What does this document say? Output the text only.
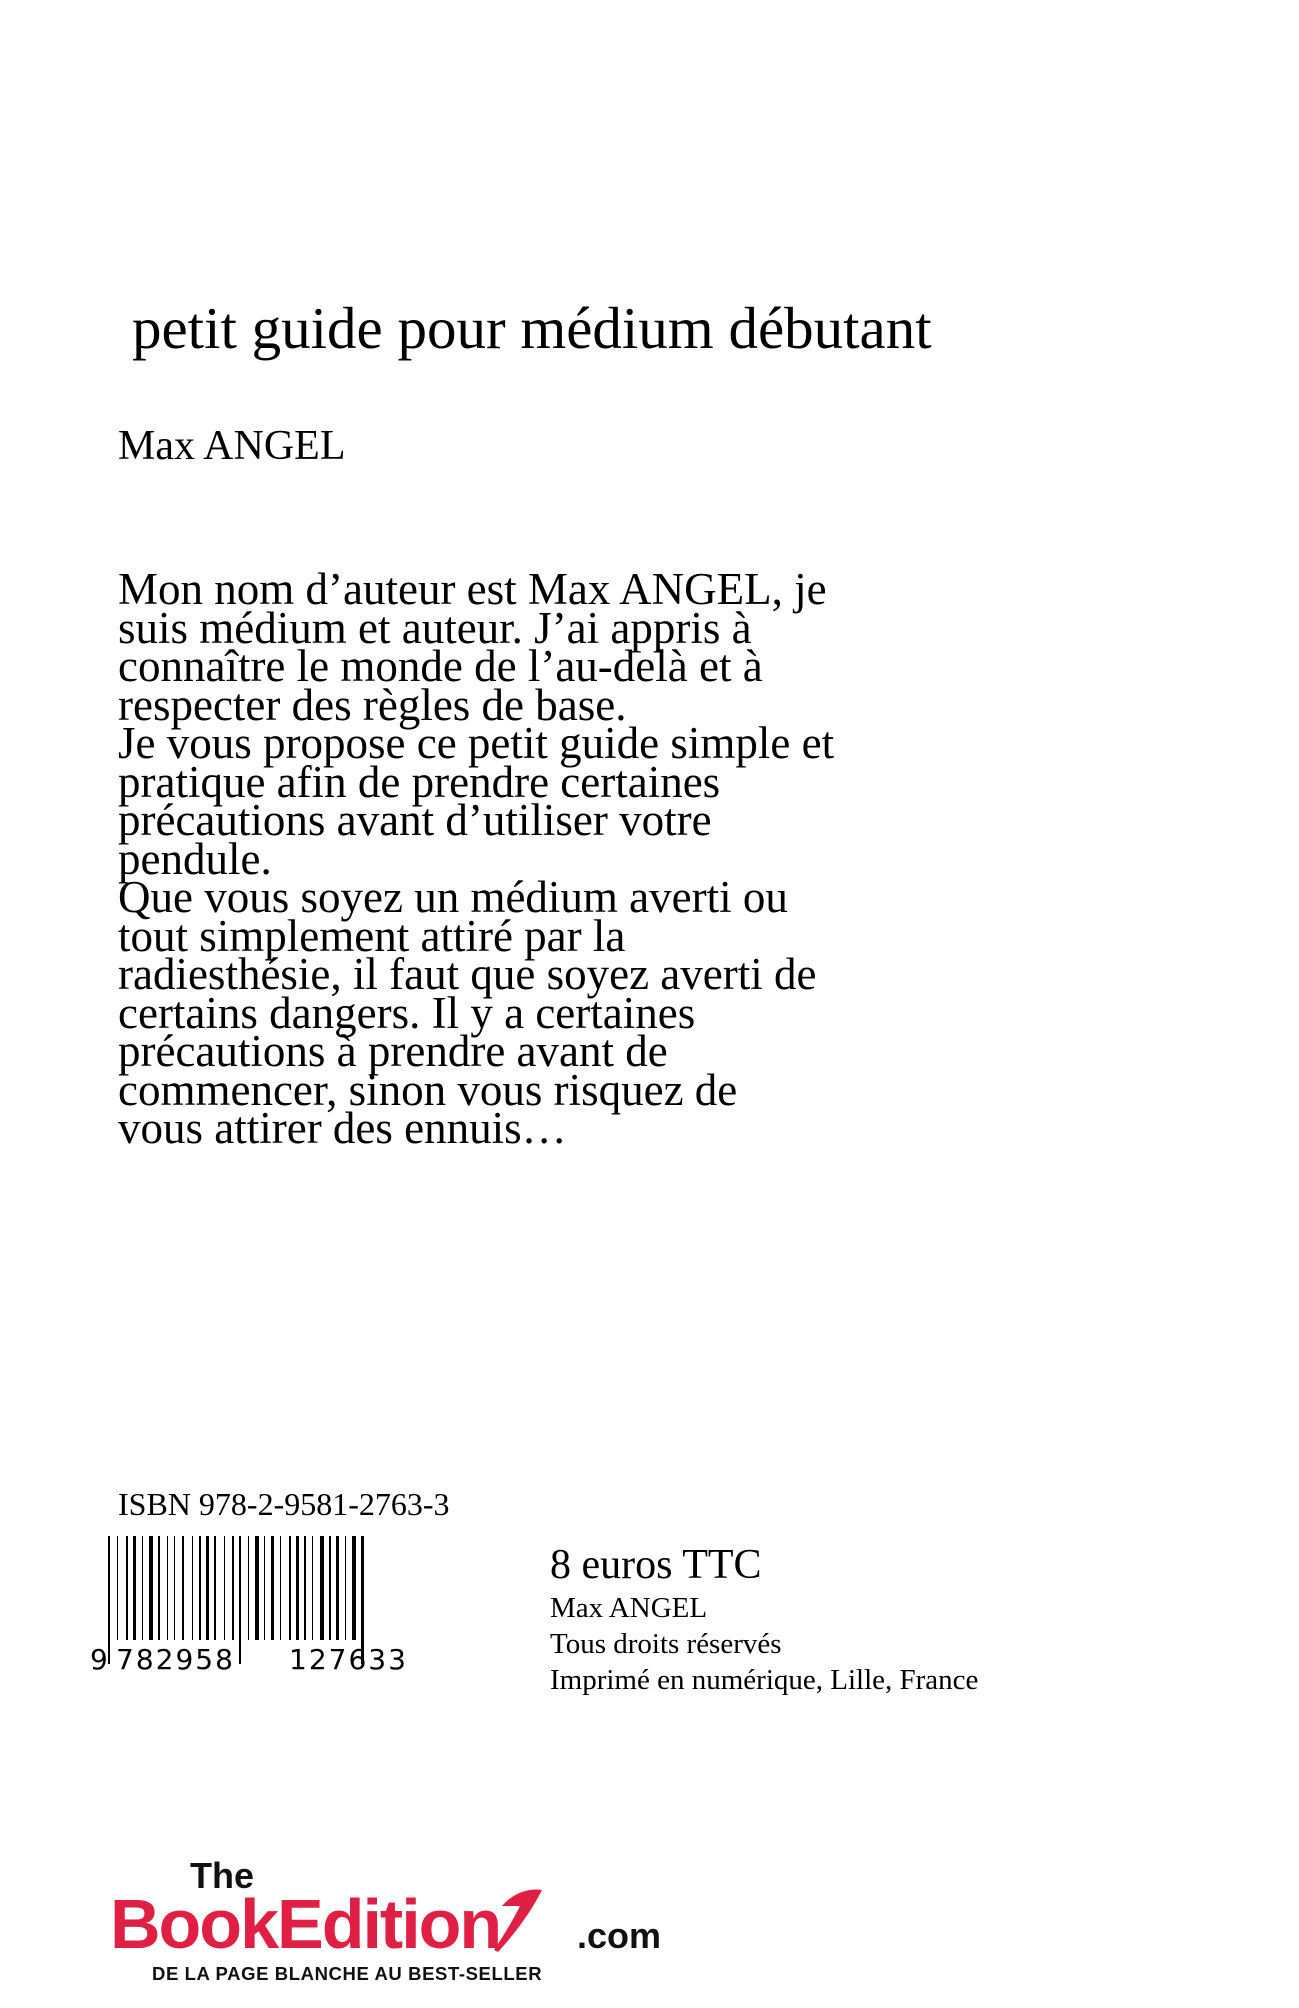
petit guide pour médium débutant
Max ANGEL
Mon nom d’auteur est Max ANGEL, je
suis médium et auteur. J’ai appris à
connaître le monde de l’au-delà et à
respecter des règles de base.
Je vous propose ce petit guide simple et
pratique afin de prendre certaines
précautions avant d’utiliser votre
pendule.
Que vous soyez un médium averti ou
tout simplement attiré par la
radiesthésie, il faut que soyez averti de
certains dangers. Il y a certaines
précautions à prendre avant de
commencer, sinon vous risquez de
vous attirer des ennuis…
ISBN 978-2-9581-2763-3
9 782958 127633
8 euros TTC
Max ANGEL
Tous droits réservés
Imprimé en numérique, Lille, France
The
BookEdition .com
DE LA PAGE BLANCHE AU BEST-SELLER
